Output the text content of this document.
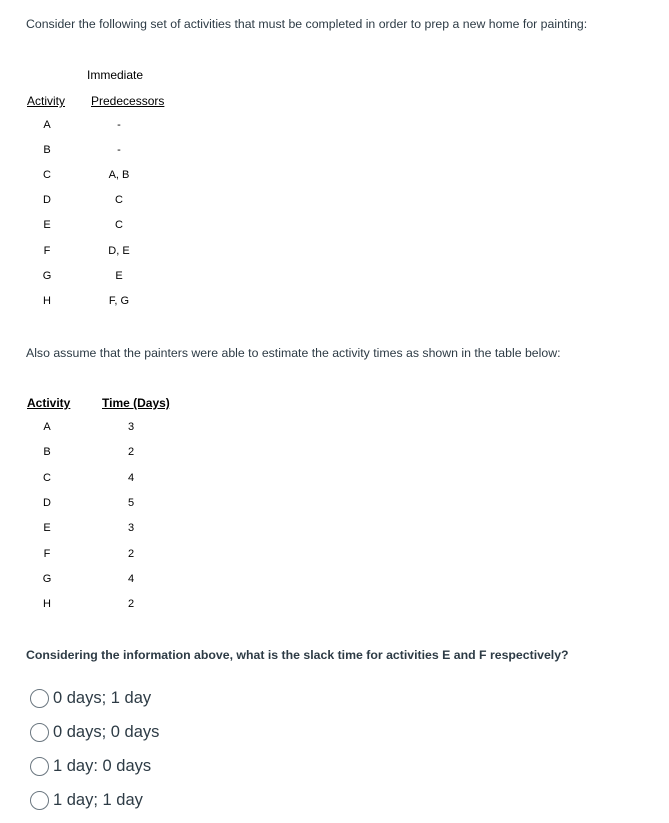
Consider the following set of activities that must be completed in order to prep a new home for painting:
Immediate
Activity Predecessors
A	-
B	-
C	A, B
D	C
E	C
F	D, E
G	E
H	F, G
Also assume that the painters were able to estimate the activity times as shown in the table below:
Activity	Time (Days)
A	3
B	2
C	4
D	5
E	3
F	2
G	4
H	2
Considering the information above, what is the slack time for activities E and F respectively?
0 days; 1 day
0 days; 0 days
1 day: 0 days
1 day; 1 day
